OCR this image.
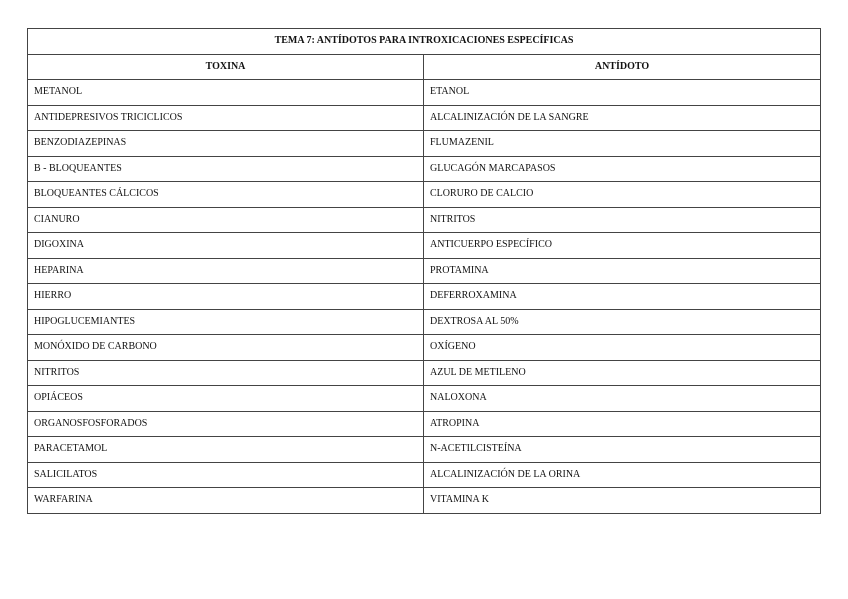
TEMA 7: ANTÍDOTOS PARA INTROXICACIONES ESPECÍFICAS	
TOXINA	ANTÍDOTO
METANOL	ETANOL
ANTIDEPRESIVOS TRICICLICOS	ALCALINIZACIÓN DE LA SANGRE
BENZODIAZEPINAS	FLUMAZENIL
B - BLOQUEANTES	GLUCAGÓN MARCAPASOS
BLOQUEANTES CÁLCICOS	CLORURO DE CALCIO
CIANURO	NITRITOS
DIGOXINA	ANTICUERPO ESPECÍFICO
HEPARINA	PROTAMINA
HIERRO	DEFERROXAMINA
HIPOGLUCEMIANTES	DEXTROSA AL 50%
MONÓXIDO DE CARBONO	OXÍGENO
NITRITOS	AZUL DE METILENO
OPIÁCEOS	NALOXONA
ORGANOSFOSFORADOS	ATROPINA
PARACETAMOL	N-ACETILCISTEÍNA
SALICILATOS	ALCALINIZACIÓN DE LA ORINA
WARFARINA	VITAMINA K
